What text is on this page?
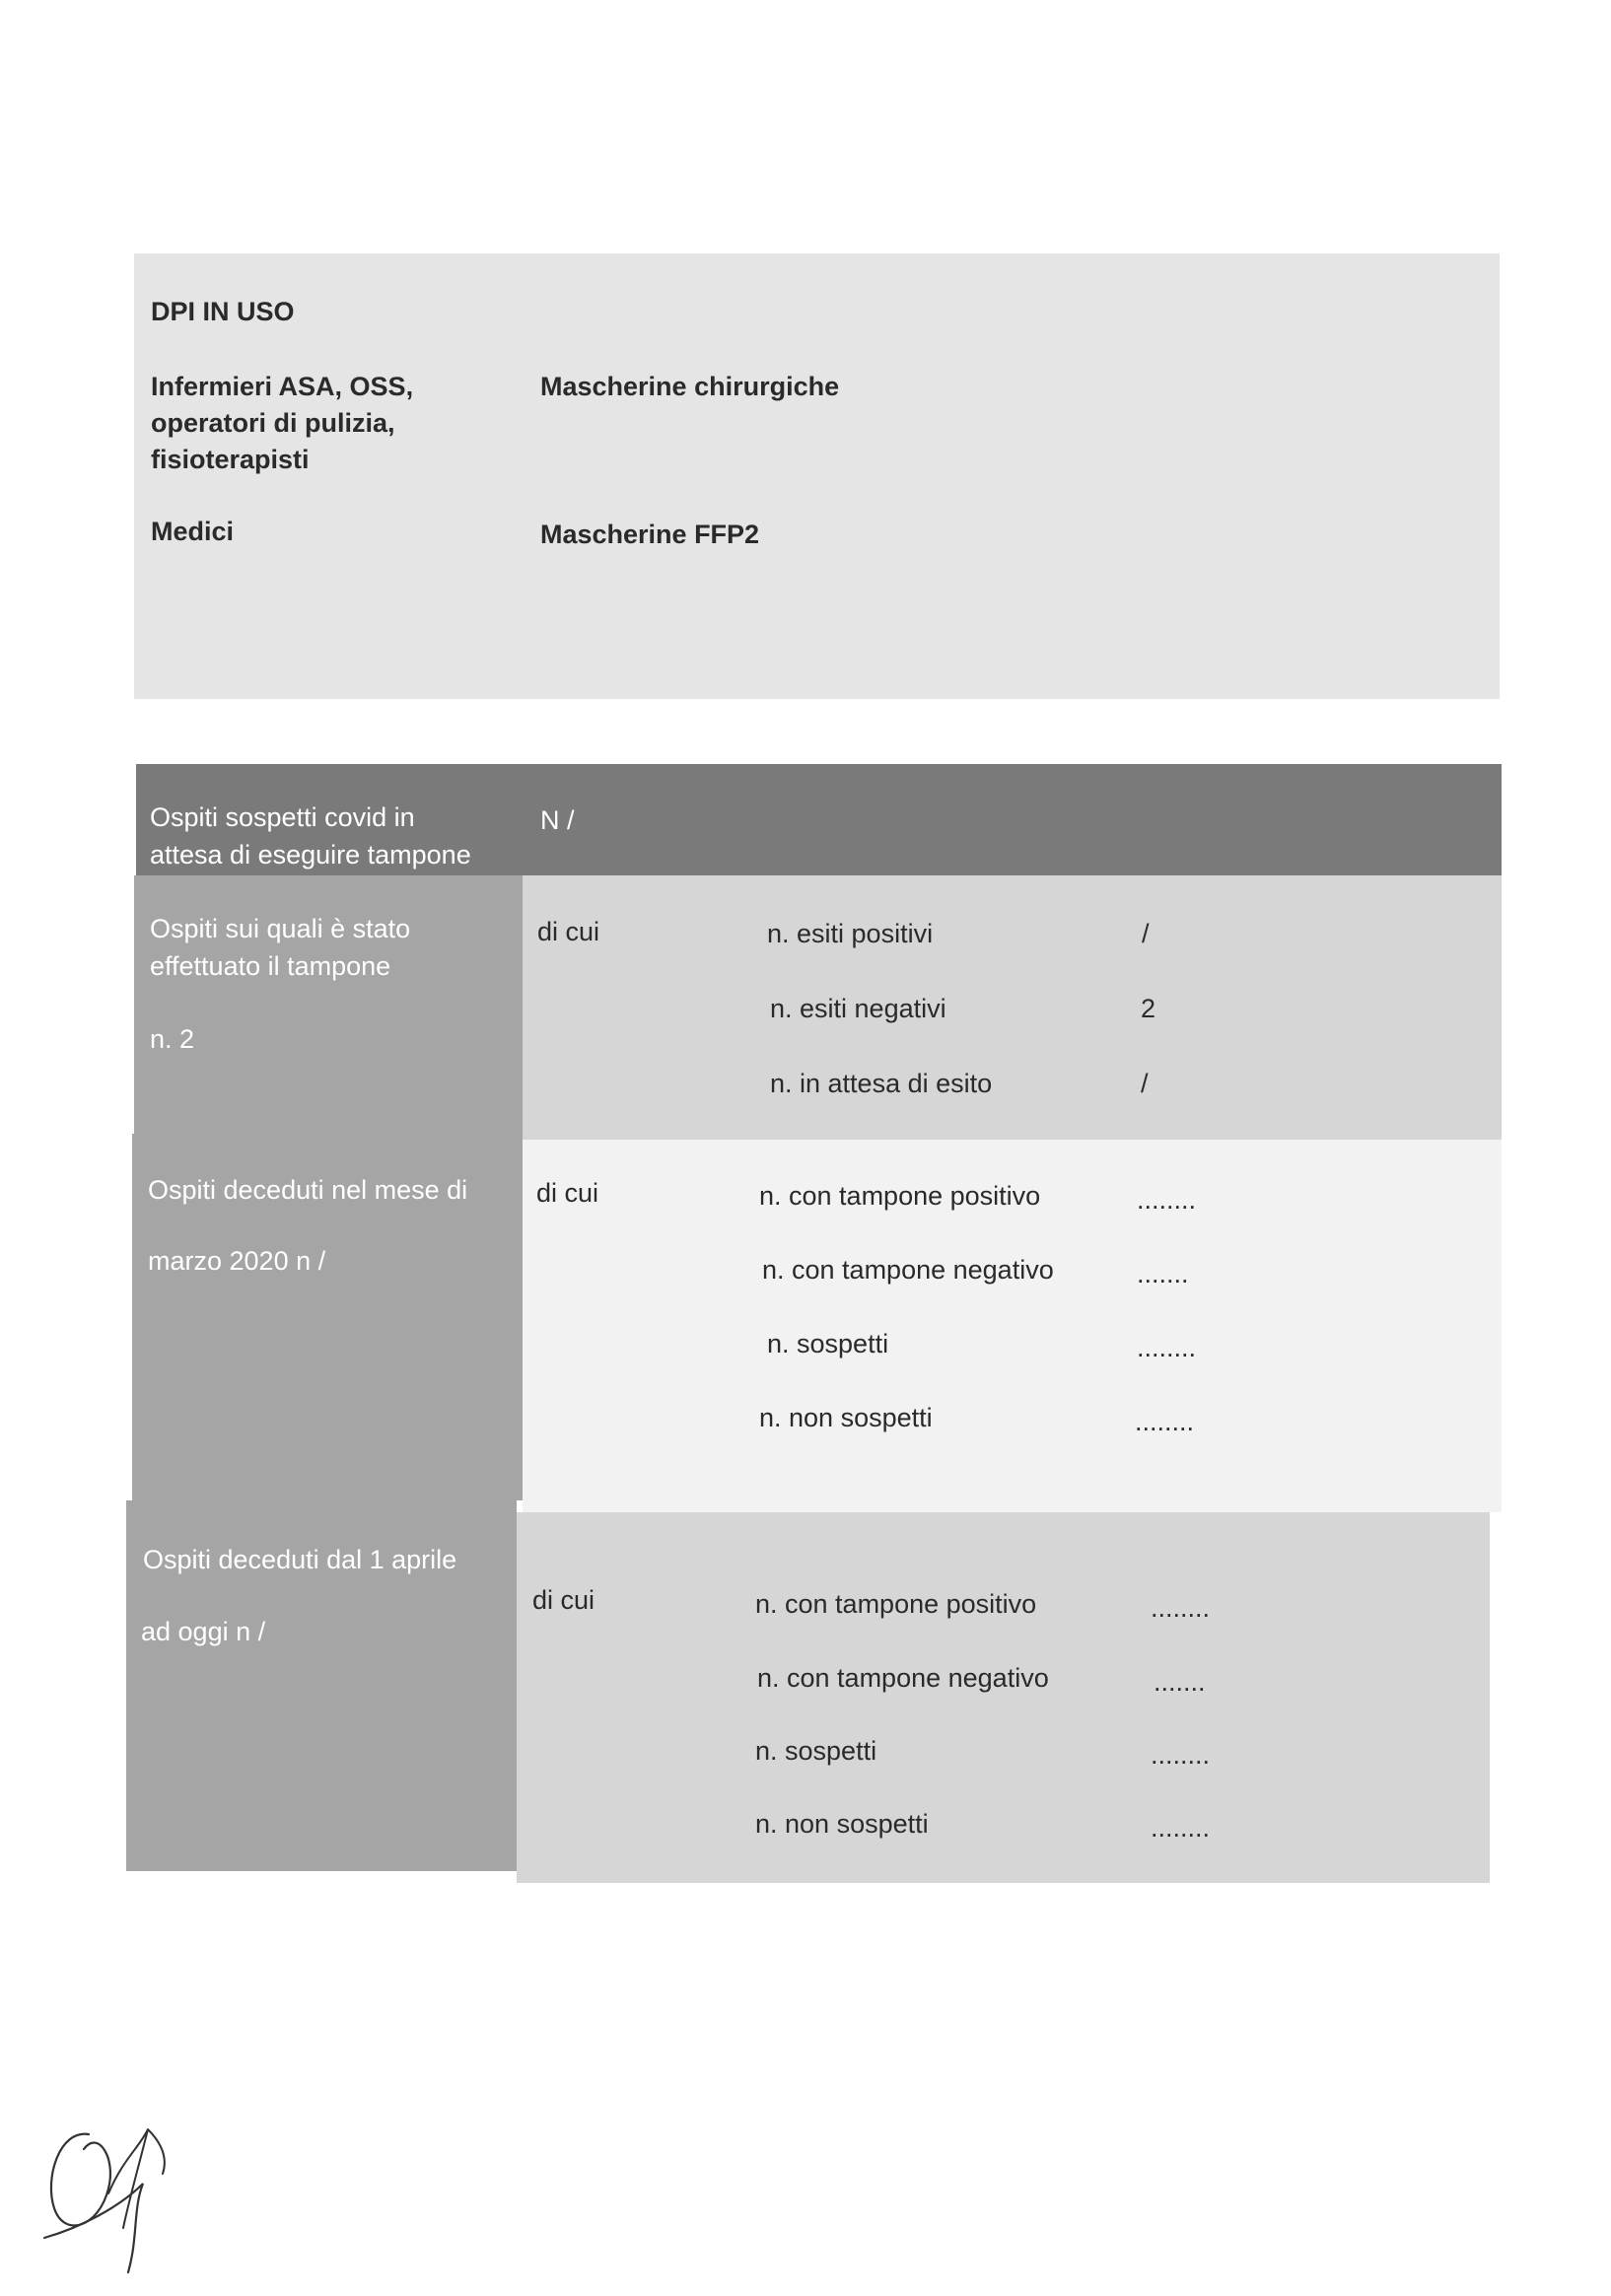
DPI IN USO
Infermieri ASA, OSS,
operatori di pulizia,
fisioterapisti
Mascherine chirurgiche
Medici	Mascherine FFP2
Ospiti sospetti covid in
attesa di eseguire tampone
N /
Ospiti sui quali è stato
effettuato il tampone
n. 2
di cui	n. esiti positivi	/
n. esiti negativi	2
n. in attesa di esito	/
Ospiti deceduti nel mese di
marzo 2020 n /
di cui	n. con tampone positivo	........
n. con tampone negativo	.......
n. sospetti	........
n. non sospetti	........
Ospiti deceduti dal 1 aprile
ad oggi n /
di cui	n. con tampone positivo	........
n. con tampone negativo	.......
n. sospetti	........
n. non sospetti	........
